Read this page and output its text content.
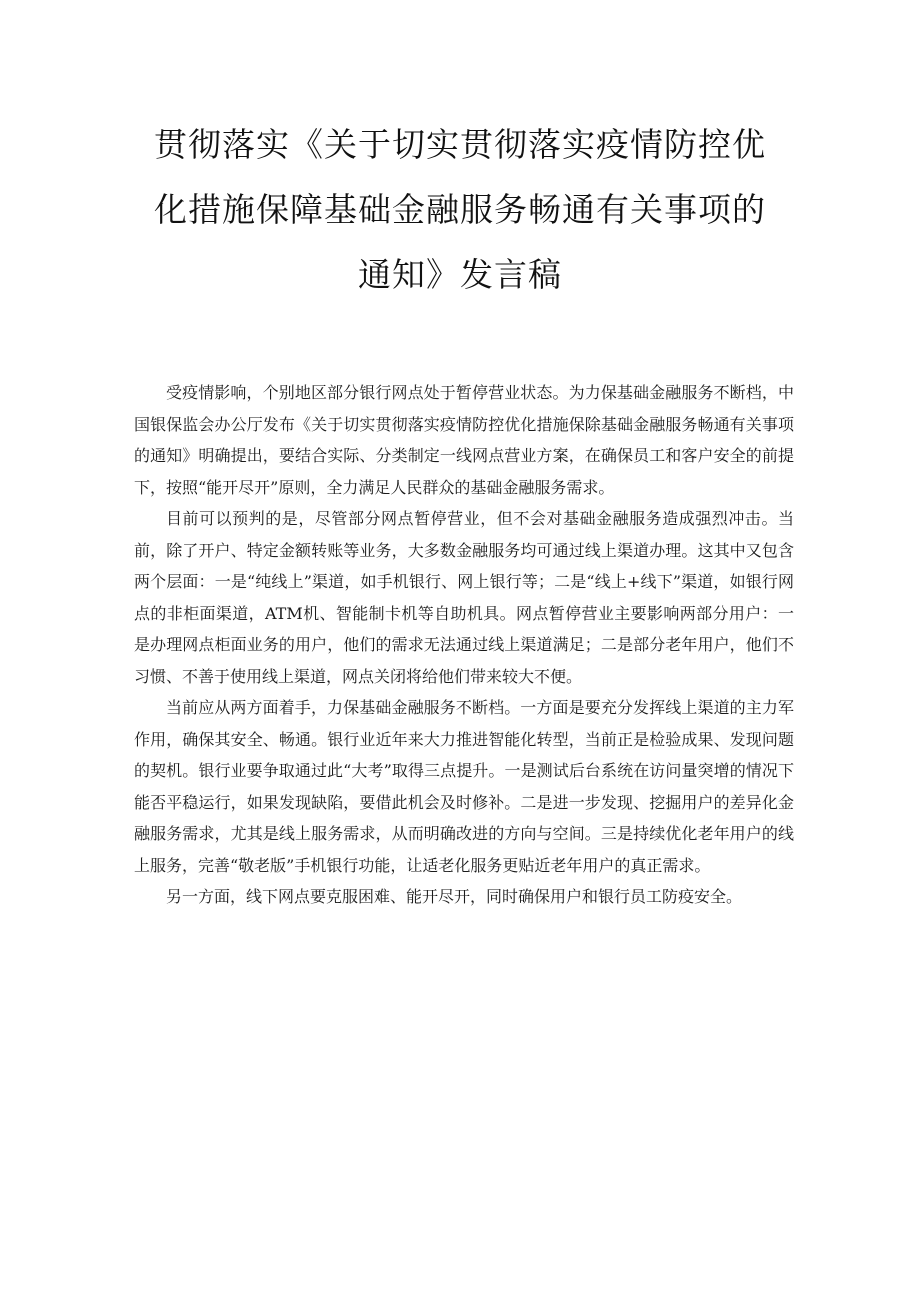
贯彻落实《关于切实贯彻落实疫情防控优
化措施保障基础金融服务畅通有关事项的
通知》发言稿

受疫情影响，个别地区部分银行网点处于暂停营业状态。为力保基础金融服务不断档，中国银保监会办公厅发布《关于切实贯彻落实疫情防控优化措施保除基础金融服务畅通有关事项的通知》明确提出，要结合实际、分类制定一线网点营业方案，在确保员工和客户安全的前提下，按照“能开尽开”原则，全力满足人民群众的基础金融服务需求。

目前可以预判的是，尽管部分网点暂停营业，但不会对基础金融服务造成强烈冲击。当前，除了开户、特定金额转账等业务，大多数金融服务均可通过线上渠道办理。这其中又包含两个层面：一是“纯线上”渠道，如手机银行、网上银行等；二是“线上+线下”渠道，如银行网点的非柜面渠道，ATM机、智能制卡机等自助机具。网点暂停营业主要影响两部分用户：一是办理网点柜面业务的用户，他们的需求无法通过线上渠道满足；二是部分老年用户，他们不习惯、不善于使用线上渠道，网点关闭将给他们带来较大不便。

当前应从两方面着手，力保基础金融服务不断档。一方面是要充分发挥线上渠道的主力军作用，确保其安全、畅通。银行业近年来大力推进智能化转型，当前正是检验成果、发现问题的契机。银行业要争取通过此“大考”取得三点提升。一是测试后台系统在访问量突增的情况下能否平稳运行，如果发现缺陷，要借此机会及时修补。二是进一步发现、挖掘用户的差异化金融服务需求，尤其是线上服务需求，从而明确改进的方向与空间。三是持续优化老年用户的线上服务，完善“敬老版”手机银行功能，让适老化服务更贴近老年用户的真正需求。

另一方面，线下网点要克服困难、能开尽开，同时确保用户和银行员工防疫安全。
